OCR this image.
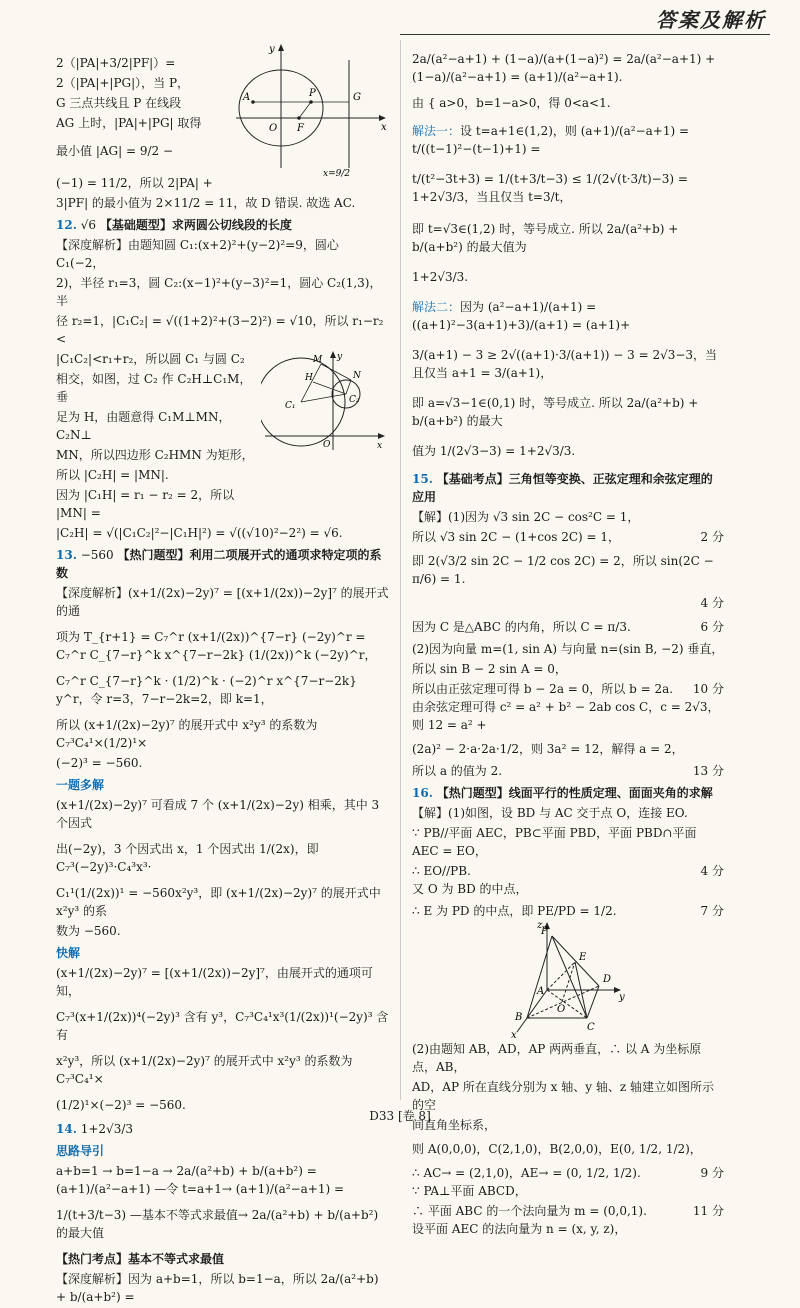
答案及解析

2（|PA|+3/2|PF|）=

2（|PA|+|PG|），当 P，

G 三点共线且 P 在线段

AG 上时，|PA|+|PG| 取得

最小值 |AG| = 9/2 −

(−1) = 11/2，所以 2|PA| +

y
x
A	P	G
O F
x=9/2

3|PF| 的最小值为 2×11/2 = 11，故 D 错误. 故选 AC.

12. √6 【基础题型】求两圆公切线段的长度

【深度解析】由题知圆 C₁:(x+2)²+(y−2)²=9，圆心 C₁(−2，

2)，半径 r₁=3，圆 C₂:(x−1)²+(y−3)²=1，圆心 C₂(1,3)，半

径 r₂=1，|C₁C₂| = √((1+2)²+(3−2)²) = √10，所以 r₁−r₂ <

|C₁C₂|<r₁+r₂，所以圆 C₁ 与圆 C₂

相交，如图，过 C₂ 作 C₂H⊥C₁M，垂

足为 H，由题意得 C₁M⊥MN，C₂N⊥

MN，所以四边形 C₂HMN 为矩形，

所以 |C₂H| = |MN|.

因为 |C₁H| = r₁ − r₂ = 2，所以 |MN| =

M
N
H
C₁
C₂
O	x
y

|C₂H| = √(|C₁C₂|²−|C₁H|²) = √((√10)²−2²) = √6.

13. −560 【热门题型】利用二项展开式的通项求特定项的系数

【深度解析】(x+1/(2x)−2y)⁷ = [(x+1/(2x))−2y]⁷ 的展开式的通

项为 T_{r+1} = C₇^r (x+1/(2x))^{7−r} (−2y)^r = C₇^r C_{7−r}^k x^{7−r−2k} (1/(2x))^k (−2y)^r，

C₇^r C_{7−r}^k · (1/2)^k · (−2)^r x^{7−r−2k} y^r，令 r=3，7−r−2k=2，即 k=1，

所以 (x+1/(2x)−2y)⁷ 的展开式中 x²y³ 的系数为 C₇³C₄¹×(1/2)¹×

(−2)³ = −560.

一题多解

(x+1/(2x)−2y)⁷ 可看成 7 个 (x+1/(2x)−2y) 相乘，其中 3 个因式

出(−2y)，3 个因式出 x，1 个因式出 1/(2x)，即 C₇³(−2y)³·C₄³x³·

C₁¹(1/(2x))¹ = −560x²y³，即 (x+1/(2x)−2y)⁷ 的展开式中 x²y³ 的系

数为 −560.

快解

(x+1/(2x)−2y)⁷ = [(x+1/(2x))−2y]⁷，由展开式的通项可知，

C₇³(x+1/(2x))⁴(−2y)³ 含有 y³，C₇³C₄¹x³(1/(2x))¹(−2y)³ 含有

x²y³，所以 (x+1/(2x)−2y)⁷ 的展开式中 x²y³ 的系数为 C₇³C₄¹×

(1/2)¹×(−2)³ = −560.

14. 1+2√3/3

思路导引

a+b=1 → b=1−a → 2a/(a²+b) + b/(a+b²) = (a+1)/(a²−a+1) —令 t=a+1→ (a+1)/(a²−a+1) =

1/(t+3/t−3) —基本不等式求最值→ 2a/(a²+b) + b/(a+b²) 的最大值

【热门考点】基本不等式求最值

【深度解析】因为 a+b=1，所以 b=1−a，所以 2a/(a²+b) + b/(a+b²) =

2a/(a²−a+1) + (1−a)/(a+(1−a)²) = 2a/(a²−a+1) + (1−a)/(a²−a+1) = (a+1)/(a²−a+1).

由 { a>0，b=1−a>0，得 0<a<1.

解法一：设 t=a+1∈(1,2)，则 (a+1)/(a²−a+1) = t/((t−1)²−(t−1)+1) =

t/(t²−3t+3) = 1/(t+3/t−3) ≤ 1/(2√(t·3/t)−3) = 1+2√3/3，当且仅当 t=3/t，

即 t=√3∈(1,2) 时，等号成立. 所以 2a/(a²+b) + b/(a+b²) 的最大值为

1+2√3/3.

解法二：因为 (a²−a+1)/(a+1) = ((a+1)²−3(a+1)+3)/(a+1) = (a+1)+

3/(a+1) − 3 ≥ 2√((a+1)·3/(a+1)) − 3 = 2√3−3，当且仅当 a+1 = 3/(a+1)，

即 a=√3−1∈(0,1) 时，等号成立. 所以 2a/(a²+b) + b/(a+b²) 的最大

值为 1/(2√3−3) = 1+2√3/3.

15. 【基础考点】三角恒等变换、正弦定理和余弦定理的应用

【解】(1)因为 √3 sin 2C − cos²C = 1，

所以 √3 sin 2C − (1+cos 2C) = 1，	2 分

即 2(√3/2 sin 2C − 1/2 cos 2C) = 2，所以 sin(2C − π/6) = 1.

4 分
因为 C 是△ABC 的内角，所以 C = π/3.	6 分

(2)因为向量 m=(1, sin A) 与向量 n=(sin B, −2) 垂直，

所以 sin B − 2 sin A = 0，

所以由正弦定理可得 b − 2a = 0，所以 b = 2a.	10 分

由余弦定理可得 c² = a² + b² − 2ab cos C，c = 2√3，则 12 = a² +

(2a)² − 2·a·2a·1/2，则 3a² = 12，解得 a = 2，

所以 a 的值为 2.	13 分

16. 【热门题型】线面平行的性质定理、面面夹角的求解

【解】(1)如图，设 BD 与 AC 交于点 O，连接 EO.

∵ PB//平面 AEC，PB⊂平面 PBD，平面 PBD∩平面 AEC = EO，

∴ EO//PB.	4 分

又 O 为 BD 的中点，

∴ E 为 PD 的中点，即 PE/PD = 1/2.	7 分
P
E
A
D
O
B
C
x
y
z

(2)由题知 AB，AD，AP 两两垂直，∴ 以 A 为坐标原点，AB，

AD，AP 所在直线分别为 x 轴、y 轴、z 轴建立如图所示的空

间直角坐标系，

则 A(0,0,0)，C(2,1,0)，B(2,0,0)，E(0, 1/2, 1/2)，

∴ AC→ = (2,1,0)，AE→ = (0, 1/2, 1/2).	9 分

∵ PA⊥平面 ABCD，

∴ 平面 ABC 的一个法向量为 m = (0,0,1).	11 分

设平面 AEC 的法向量为 n = (x, y, z)，

D33 [卷 8]
